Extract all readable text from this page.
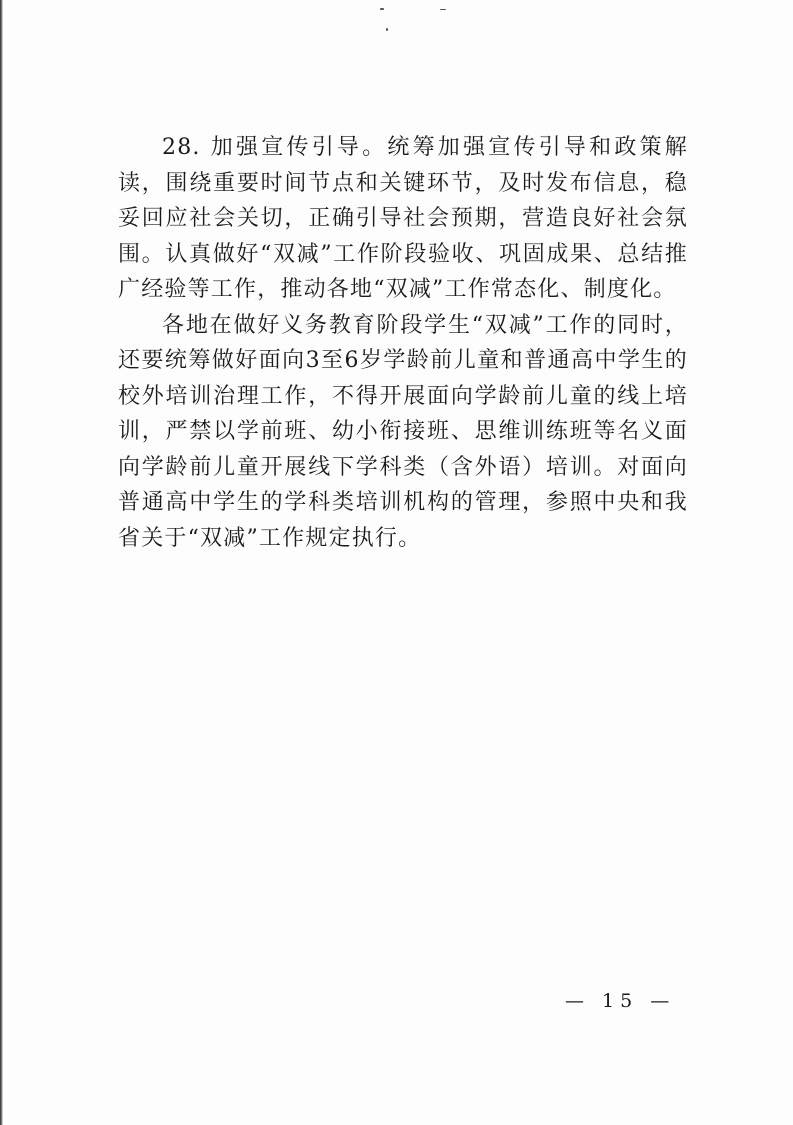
28. 加强宣传引导。统筹加强宣传引导和政策解读，围绕重要时间节点和关键环节，及时发布信息，稳妥回应社会关切，正确引导社会预期，营造良好社会氛围。认真做好“双减”工作阶段验收、巩固成果、总结推广经验等工作，推动各地“双减”工作常态化、制度化。

各地在做好义务教育阶段学生“双减”工作的同时，还要统筹做好面向3至6岁学龄前儿童和普通高中学生的校外培训治理工作，不得开展面向学龄前儿童的线上培训，严禁以学前班、幼小衔接班、思维训练班等名义面向学龄前儿童开展线下学科类（含外语）培训。对面向普通高中学生的学科类培训机构的管理，参照中央和我省关于“双减”工作规定执行。

— 15 —
